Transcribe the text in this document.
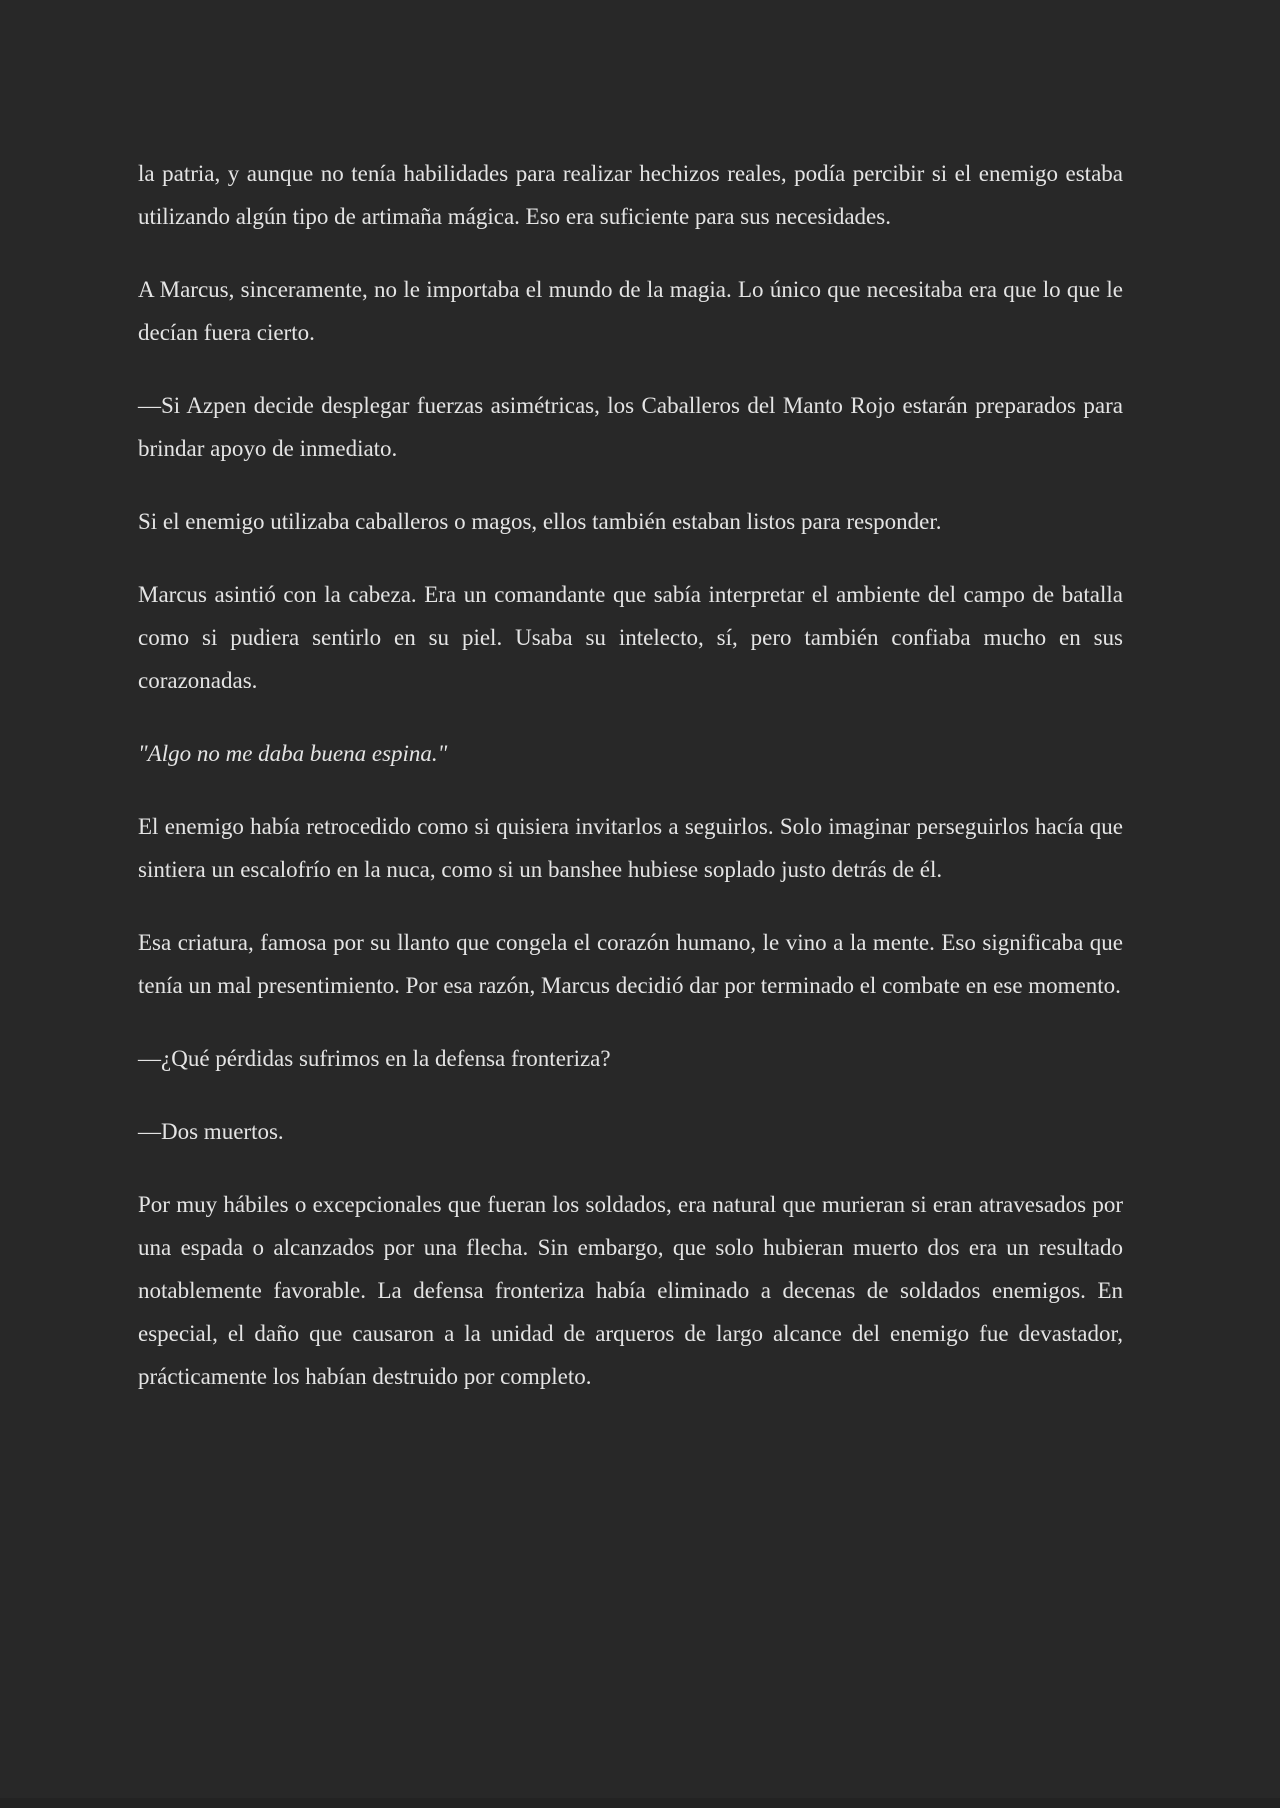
la patria, y aunque no tenía habilidades para realizar hechizos reales, podía percibir si el enemigo estaba utilizando algún tipo de artimaña mágica. Eso era suficiente para sus necesidades.

A Marcus, sinceramente, no le importaba el mundo de la magia. Lo único que necesitaba era que lo que le decían fuera cierto.

—Si Azpen decide desplegar fuerzas asimétricas, los Caballeros del Manto Rojo estarán preparados para brindar apoyo de inmediato.

Si el enemigo utilizaba caballeros o magos, ellos también estaban listos para responder.

Marcus asintió con la cabeza. Era un comandante que sabía interpretar el ambiente del campo de batalla como si pudiera sentirlo en su piel. Usaba su intelecto, sí, pero también confiaba mucho en sus corazonadas.

"Algo no me daba buena espina."

El enemigo había retrocedido como si quisiera invitarlos a seguirlos. Solo imaginar perseguirlos hacía que sintiera un escalofrío en la nuca, como si un banshee hubiese soplado justo detrás de él.

Esa criatura, famosa por su llanto que congela el corazón humano, le vino a la mente. Eso significaba que tenía un mal presentimiento. Por esa razón, Marcus decidió dar por terminado el combate en ese momento.

—¿Qué pérdidas sufrimos en la defensa fronteriza?

—Dos muertos.

Por muy hábiles o excepcionales que fueran los soldados, era natural que murieran si eran atravesados por una espada o alcanzados por una flecha. Sin embargo, que solo hubieran muerto dos era un resultado notablemente favorable. La defensa fronteriza había eliminado a decenas de soldados enemigos. En especial, el daño que causaron a la unidad de arqueros de largo alcance del enemigo fue devastador, prácticamente los habían destruido por completo.
